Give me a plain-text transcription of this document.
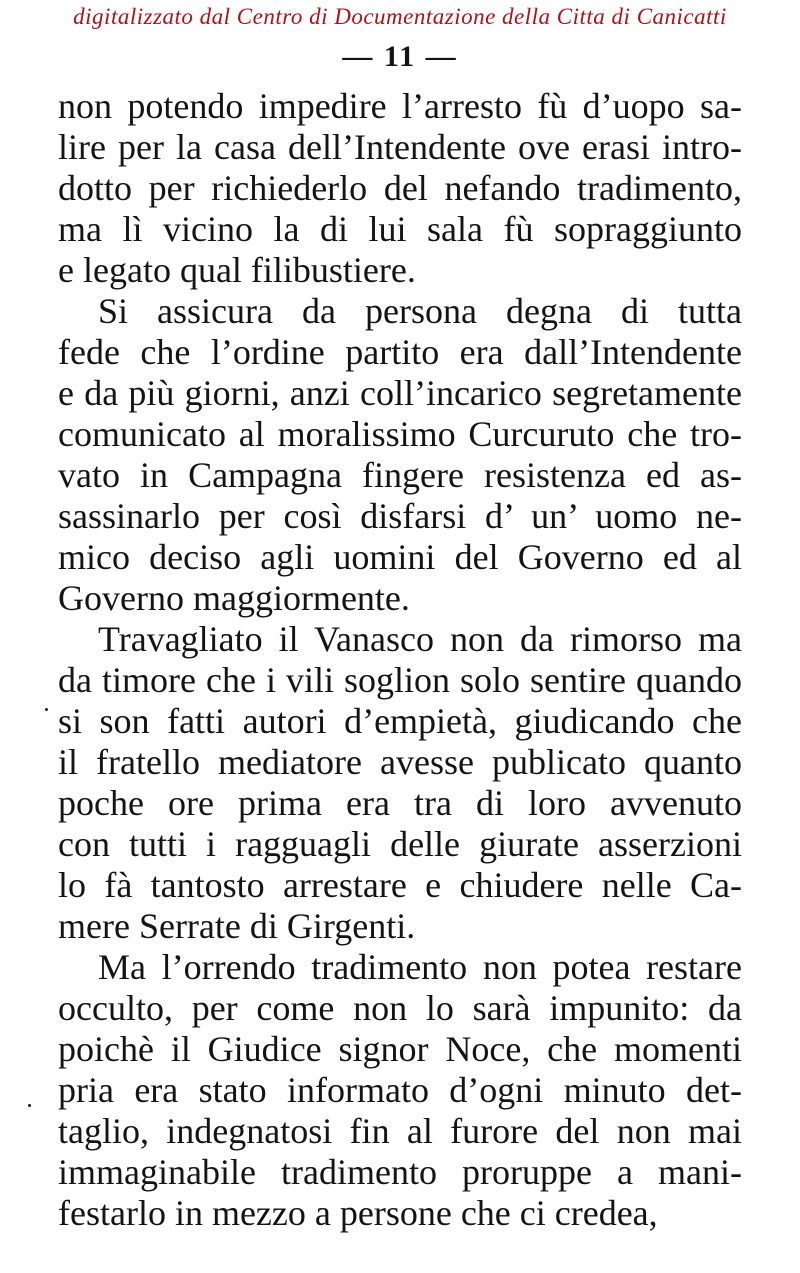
digitalizzato dal Centro di Documentazione della Citta di Canicatti
— 11 —
non potendo impedire l’arresto fù d’uopo sa-
lire per la casa dell’Intendente ove erasi intro-
dotto per richiederlo del nefando tradimento,
ma lì vicino la di lui sala fù sopraggiunto
e legato qual filibustiere.
Si assicura da persona degna di tutta
fede che l’ordine partito era dall’Intendente
e da più giorni, anzi coll’incarico segretamente
comunicato al moralissimo Curcuruto che tro-
vato in Campagna fingere resistenza ed as-
sassinarlo per così disfarsi d’ un’ uomo ne-
mico deciso agli uomini del Governo ed al
Governo maggiormente.
Travagliato il Vanasco non da rimorso ma
da timore che i vili soglion solo sentire quando
si son fatti autori d’empietà, giudicando che
il fratello mediatore avesse publicato quanto
poche ore prima era tra di loro avvenuto
con tutti i ragguagli delle giurate asserzioni
lo fà tantosto arrestare e chiudere nelle Ca-
mere Serrate di Girgenti.
Ma l’orrendo tradimento non potea restare
occulto, per come non lo sarà impunito: da
poichè il Giudice signor Noce, che momenti
pria era stato informato d’ogni minuto det-
taglio, indegnatosi fin al furore del non mai
immaginabile tradimento proruppe a mani-
festarlo in mezzo a persone che ci credea,
